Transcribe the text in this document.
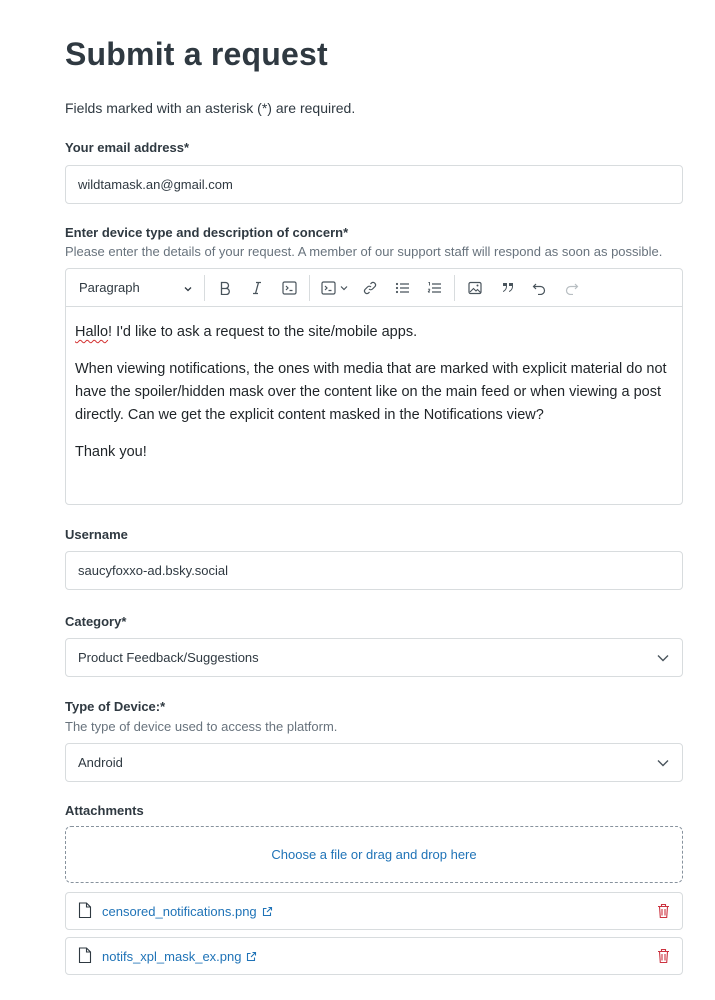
Submit a request
Fields marked with an asterisk (*) are required.
Your email address*
wildtamask.an@gmail.com
Enter device type and description of concern*
Please enter the details of your request. A member of our support staff will respond as soon as possible.
Paragraph

Hallo! I'd like to ask a request to the site/mobile apps.

When viewing notifications, the ones with media that are marked with explicit material do not have the spoiler/hidden mask over the content like on the main feed or when viewing a post directly. Can we get the explicit content masked in the Notifications view?

Thank you!

Username
saucyfoxxo-ad.bsky.social
Category*
Product Feedback/Suggestions
Type of Device:*
The type of device used to access the platform.
Android
Attachments
Choose a file or drag and drop here
censored_notifications.png
notifs_xpl_mask_ex.png
